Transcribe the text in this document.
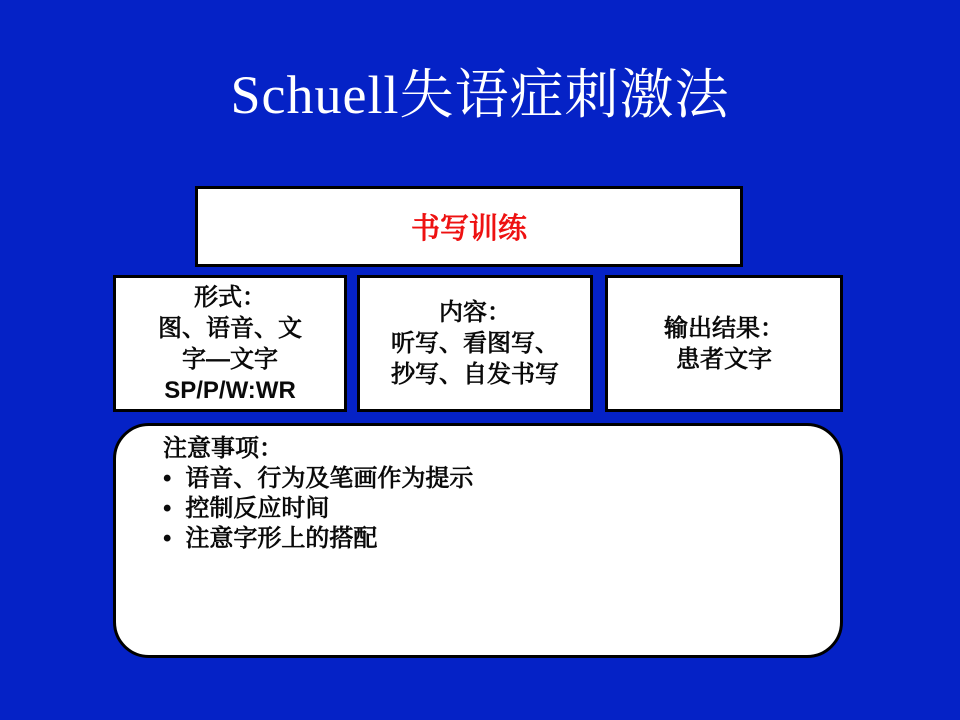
Schuell失语症刺激法
书写训练
形式：
图、语音、文
字—文字
SP/P/W:WR
内容：
听写、看图写、
抄写、自发书写
输出结果：
患者文字
注意事项：
• 语音、行为及笔画作为提示
• 控制反应时间
• 注意字形上的搭配
